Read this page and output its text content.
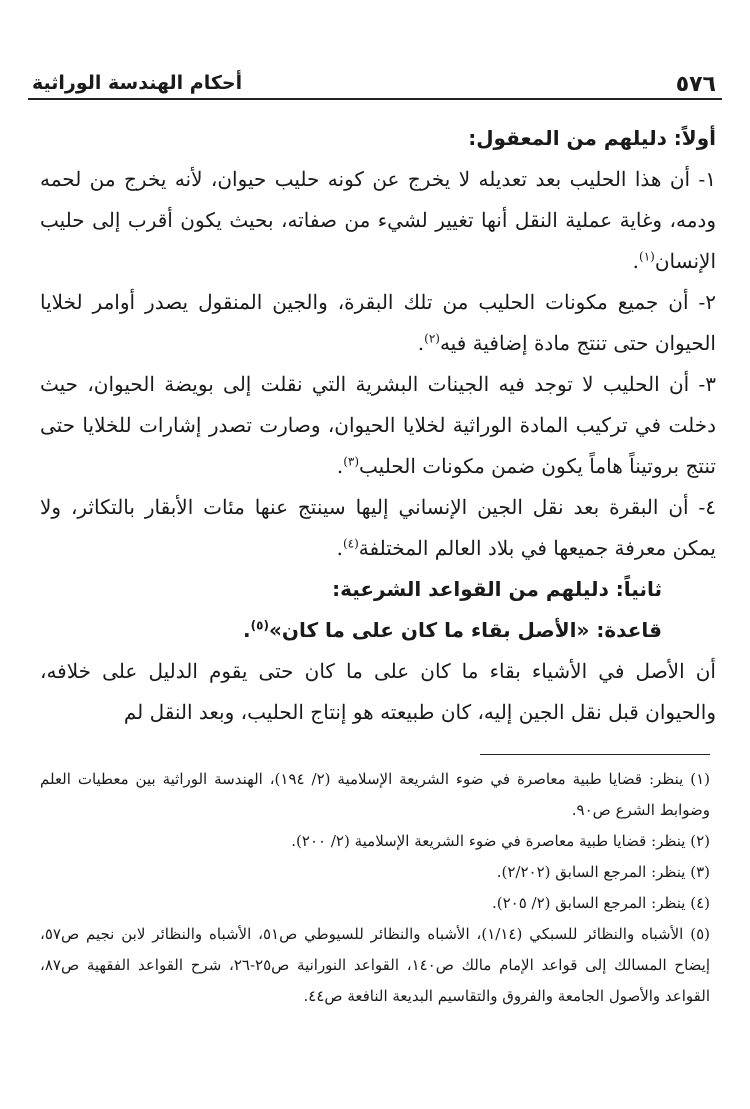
٥٧٦
أحكام الهندسة الوراثية

أولاً: دليلهم من المعقول:

١- أن هذا الحليب بعد تعديله لا يخرج عن كونه حليب حيوان، لأنه يخرج من لحمه ودمه، وغاية عملية النقل أنها تغيير لشيء من صفاته، بحيث يكون أقرب إلى حليب الإنسان$^{(١)}$.

٢- أن جميع مكونات الحليب من تلك البقرة، والجين المنقول يصدر أوامر لخلايا الحيوان حتى تنتج مادة إضافية فيه$^{(٢)}$.

٣- أن الحليب لا توجد فيه الجينات البشرية التي نقلت إلى بويضة الحيوان، حيث دخلت في تركيب المادة الوراثية لخلايا الحيوان، وصارت تصدر إشارات للخلايا حتى تنتج بروتيناً هاماً يكون ضمن مكونات الحليب$^{(٣)}$.

٤- أن البقرة بعد نقل الجين الإنساني إليها سينتج عنها مئات الأبقار بالتكاثر، ولا يمكن معرفة جميعها في بلاد العالم المختلفة$^{(٤)}$.

ثانياً: دليلهم من القواعد الشرعية:

قاعدة: «الأصل بقاء ما كان على ما كان»$^{(٥)}$.

أن الأصل في الأشياء بقاء ما كان على ما كان حتى يقوم الدليل على خلافه، والحيوان قبل نقل الجين إليه، كان طبيعته هو إنتاج الحليب، وبعد النقل لم

(١) ينظر: قضايا طبية معاصرة في ضوء الشريعة الإسلامية (٢/ ١٩٤)، الهندسة الوراثية بين معطيات العلم وضوابط الشرع ص٩٠.

(٢) ينظر: قضايا طبية معاصرة في ضوء الشريعة الإسلامية (٢/ ٢٠٠).

(٣) ينظر: المرجع السابق (٢/٢٠٢).

(٤) ينظر: المرجع السابق (٢/ ٢٠٥).

(٥) الأشباه والنظائر للسبكي (١/١٤)، الأشباه والنظائر للسيوطي ص٥١، الأشباه والنظائر لابن نجيم ص٥٧، إيضاح المسالك إلى قواعد الإمام مالك ص١٤٠، القواعد النورانية ص٢٥-٢٦، شرح القواعد الفقهية ص٨٧، القواعد والأصول الجامعة والفروق والتقاسيم البديعة النافعة ص٤٤.
